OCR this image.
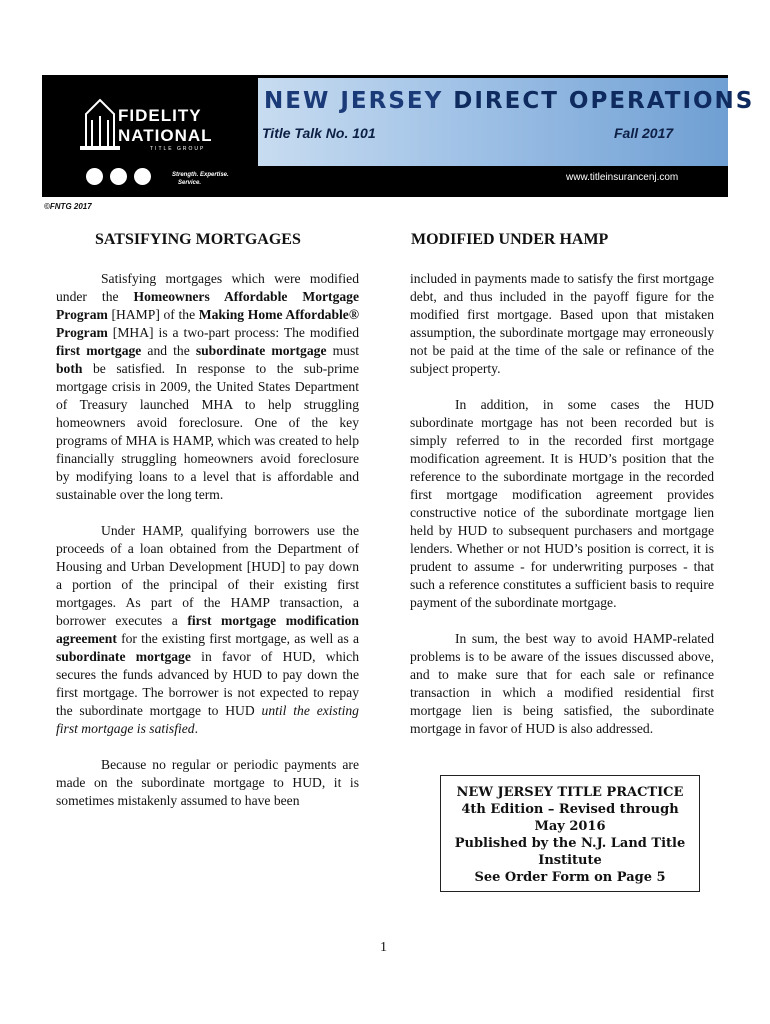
NEW JERSEY DIRECT OPERATIONS
Title Talk No. 101	Fall 2017
www.titleinsurancenj.com
FIDELITY
NATIONAL
TITLE GROUP
Strength. Expertise.
Service.
©FNTG 2017
SATSIFYING MORTGAGES	MODIFIED UNDER HAMP

Satisfying mortgages which were modified under the Homeowners Affordable Mortgage Program [HAMP] of the Making Home Affordable® Program [MHA] is a two-part process: The modified first mortgage and the subordinate mortgage must both be satisfied. In response to the sub-prime mortgage crisis in 2009, the United States Department of Treasury launched MHA to help struggling homeowners avoid foreclosure. One of the key programs of MHA is HAMP, which was created to help financially struggling homeowners avoid foreclosure by modifying loans to a level that is affordable and sustainable over the long term.

Under HAMP, qualifying borrowers use the proceeds of a loan obtained from the Department of Housing and Urban Development [HUD] to pay down a portion of the principal of their existing first mortgages. As part of the HAMP transaction, a borrower executes a first mortgage modification agreement for the existing first mortgage, as well as a subordinate mortgage in favor of HUD, which secures the funds advanced by HUD to pay down the first mortgage. The borrower is not expected to repay the subordinate mortgage to HUD until the existing first mortgage is satisfied.

Because no regular or periodic payments are made on the subordinate mortgage to HUD, it is sometimes mistakenly assumed to have been

included in payments made to satisfy the first mortgage debt, and thus included in the payoff figure for the modified first mortgage. Based upon that mistaken assumption, the subordinate mortgage may erroneously not be paid at the time of the sale or refinance of the subject property.

In addition, in some cases the HUD subordinate mortgage has not been recorded but is simply referred to in the recorded first mortgage modification agreement. It is HUD’s position that the reference to the subordinate mortgage in the recorded first mortgage modification agreement provides constructive notice of the subordinate mortgage lien held by HUD to subsequent purchasers and mortgage lenders. Whether or not HUD’s position is correct, it is prudent to assume - for underwriting purposes - that such a reference constitutes a sufficient basis to require payment of the subordinate mortgage.

In sum, the best way to avoid HAMP-related problems is to be aware of the issues discussed above, and to make sure that for each sale or refinance transaction in which a modified residential first mortgage lien is being satisfied, the subordinate mortgage in favor of HUD is also addressed.

NEW JERSEY TITLE PRACTICE
4th Edition – Revised through
May 2016
Published by the N.J. Land Title
Institute
See Order Form on Page 5
1
